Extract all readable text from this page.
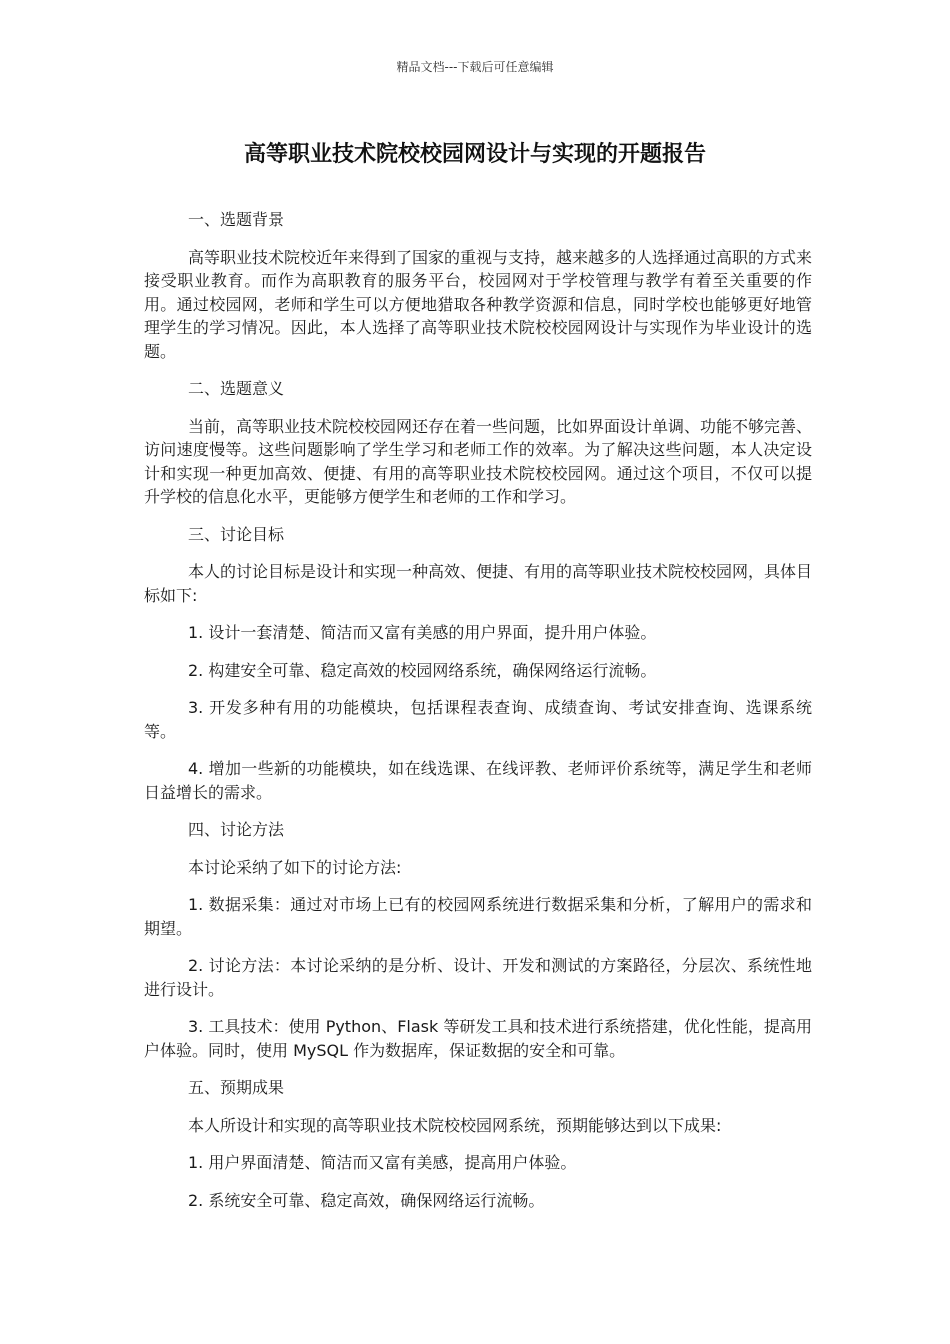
精品文档---下载后可任意编辑
高等职业技术院校校园网设计与实现的开题报告
一、选题背景
高等职业技术院校近年来得到了国家的重视与支持，越来越多的人选择通过高职的方式来接受职业教育。而作为高职教育的服务平台，校园网对于学校管理与教学有着至关重要的作用。通过校园网，老师和学生可以方便地猎取各种教学资源和信息，同时学校也能够更好地管理学生的学习情况。因此，本人选择了高等职业技术院校校园网设计与实现作为毕业设计的选题。
二、选题意义
当前，高等职业技术院校校园网还存在着一些问题，比如界面设计单调、功能不够完善、访问速度慢等。这些问题影响了学生学习和老师工作的效率。为了解决这些问题，本人决定设计和实现一种更加高效、便捷、有用的高等职业技术院校校园网。通过这个项目，不仅可以提升学校的信息化水平，更能够方便学生和老师的工作和学习。
三、讨论目标
本人的讨论目标是设计和实现一种高效、便捷、有用的高等职业技术院校校园网，具体目标如下:
1. 设计一套清楚、简洁而又富有美感的用户界面，提升用户体验。
2. 构建安全可靠、稳定高效的校园网络系统，确保网络运行流畅。
3. 开发多种有用的功能模块，包括课程表查询、成绩查询、考试安排查询、选课系统等。
4. 增加一些新的功能模块，如在线选课、在线评教、老师评价系统等，满足学生和老师日益增长的需求。
四、讨论方法
本讨论采纳了如下的讨论方法:
1. 数据采集：通过对市场上已有的校园网系统进行数据采集和分析，了解用户的需求和期望。
2. 讨论方法：本讨论采纳的是分析、设计、开发和测试的方案路径，分层次、系统性地进行设计。
3. 工具技术：使用 Python、Flask 等研发工具和技术进行系统搭建，优化性能，提高用户体验。同时，使用 MySQL 作为数据库，保证数据的安全和可靠。
五、预期成果
本人所设计和实现的高等职业技术院校校园网系统，预期能够达到以下成果:
1. 用户界面清楚、简洁而又富有美感，提高用户体验。
2. 系统安全可靠、稳定高效，确保网络运行流畅。
